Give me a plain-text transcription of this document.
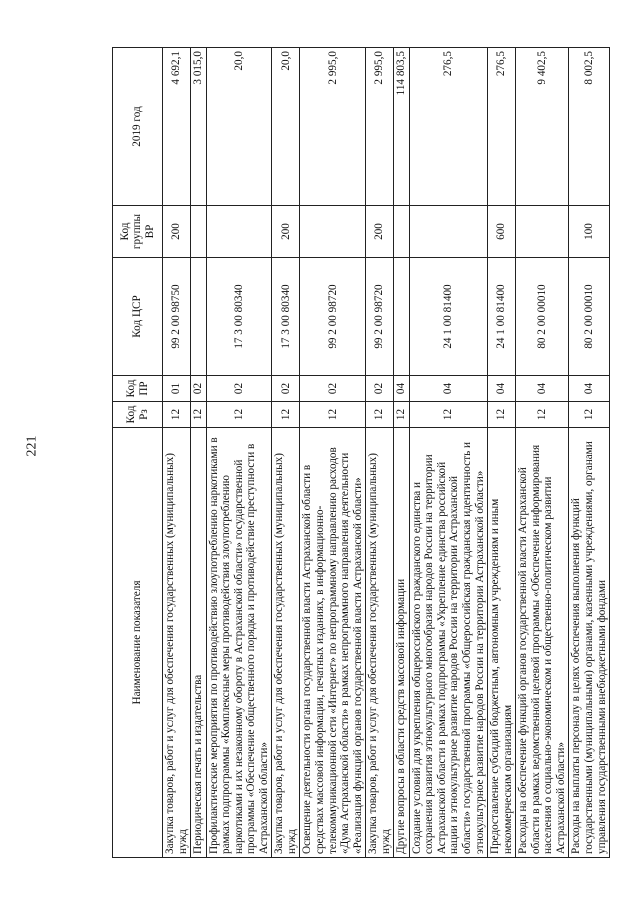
221
Наименование показателя	Код Рз	Код ПР	Код ЦСР	Код группы ВР	2019 год
Закупка товаров, работ и услуг для обеспечения государственных (муниципальных) нужд	12	01	99 2 00 98750	200	4 692,1
Периодическая печать и издательства	12	02			3 015,0
Профилактические мероприятия по противодействию злоупотреблению наркотиками в рамках подпрограммы «Комплексные меры противодействия злоупотреблению наркотиками и их незаконному обороту в Астраханской области» государственной программы «Обеспечение общественного порядка и противодействие преступности в Астраханской области»	12	02	17 3 00 80340		20,0
Закупка товаров, работ и услуг для обеспечения государственных (муниципальных) нужд	12	02	17 3 00 80340	200	20,0
Освещение деятельности органа государственной власти Астраханской области в средствах массовой информации, печатных изданиях, в информационно-телекоммуникационной сети «Интернет» по непрограммному направлению расходов «Дума Астраханской области» в рамках непрограммного направления деятельности «Реализация функций органов государственной власти Астраханской области»	12	02	99 2 00 98720		2 995,0
Закупка товаров, работ и услуг для обеспечения государственных (муниципальных) нужд	12	02	99 2 00 98720	200	2 995,0
Другие вопросы в области средств массовой информации	12	04			114 803,5
Создание условий для укрепления общероссийского гражданского единства и сохранения развития этнокультурного многообразия народов России на территории Астраханской области в рамках подпрограммы «Укрепление единства российской нации и этнокультурное развитие народов России на территории Астраханской области» государственной программы «Общероссийская гражданская идентичность и этнокультурное развитие народов России на территории Астраханской области»	12	04	24 1 00 81400		276,5
Предоставление субсидий бюджетным, автономным учреждениям и иным некоммерческим организациям	12	04	24 1 00 81400	600	276,5
Расходы на обеспечение функций органов государственной власти Астраханской области в рамках ведомственной целевой программы «Обеспечение информирования населения о социально-экономическом и общественно-политическом развитии Астраханской области»	12	04	80 2 00 00010		9 402,5
Расходы на выплаты персоналу в целях обеспечения выполнения функций государственными (муниципальными) органами, казенными учреждениями, органами управления государственными внебюджетными фондами	12	04	80 2 00 00010	100	8 002,5
